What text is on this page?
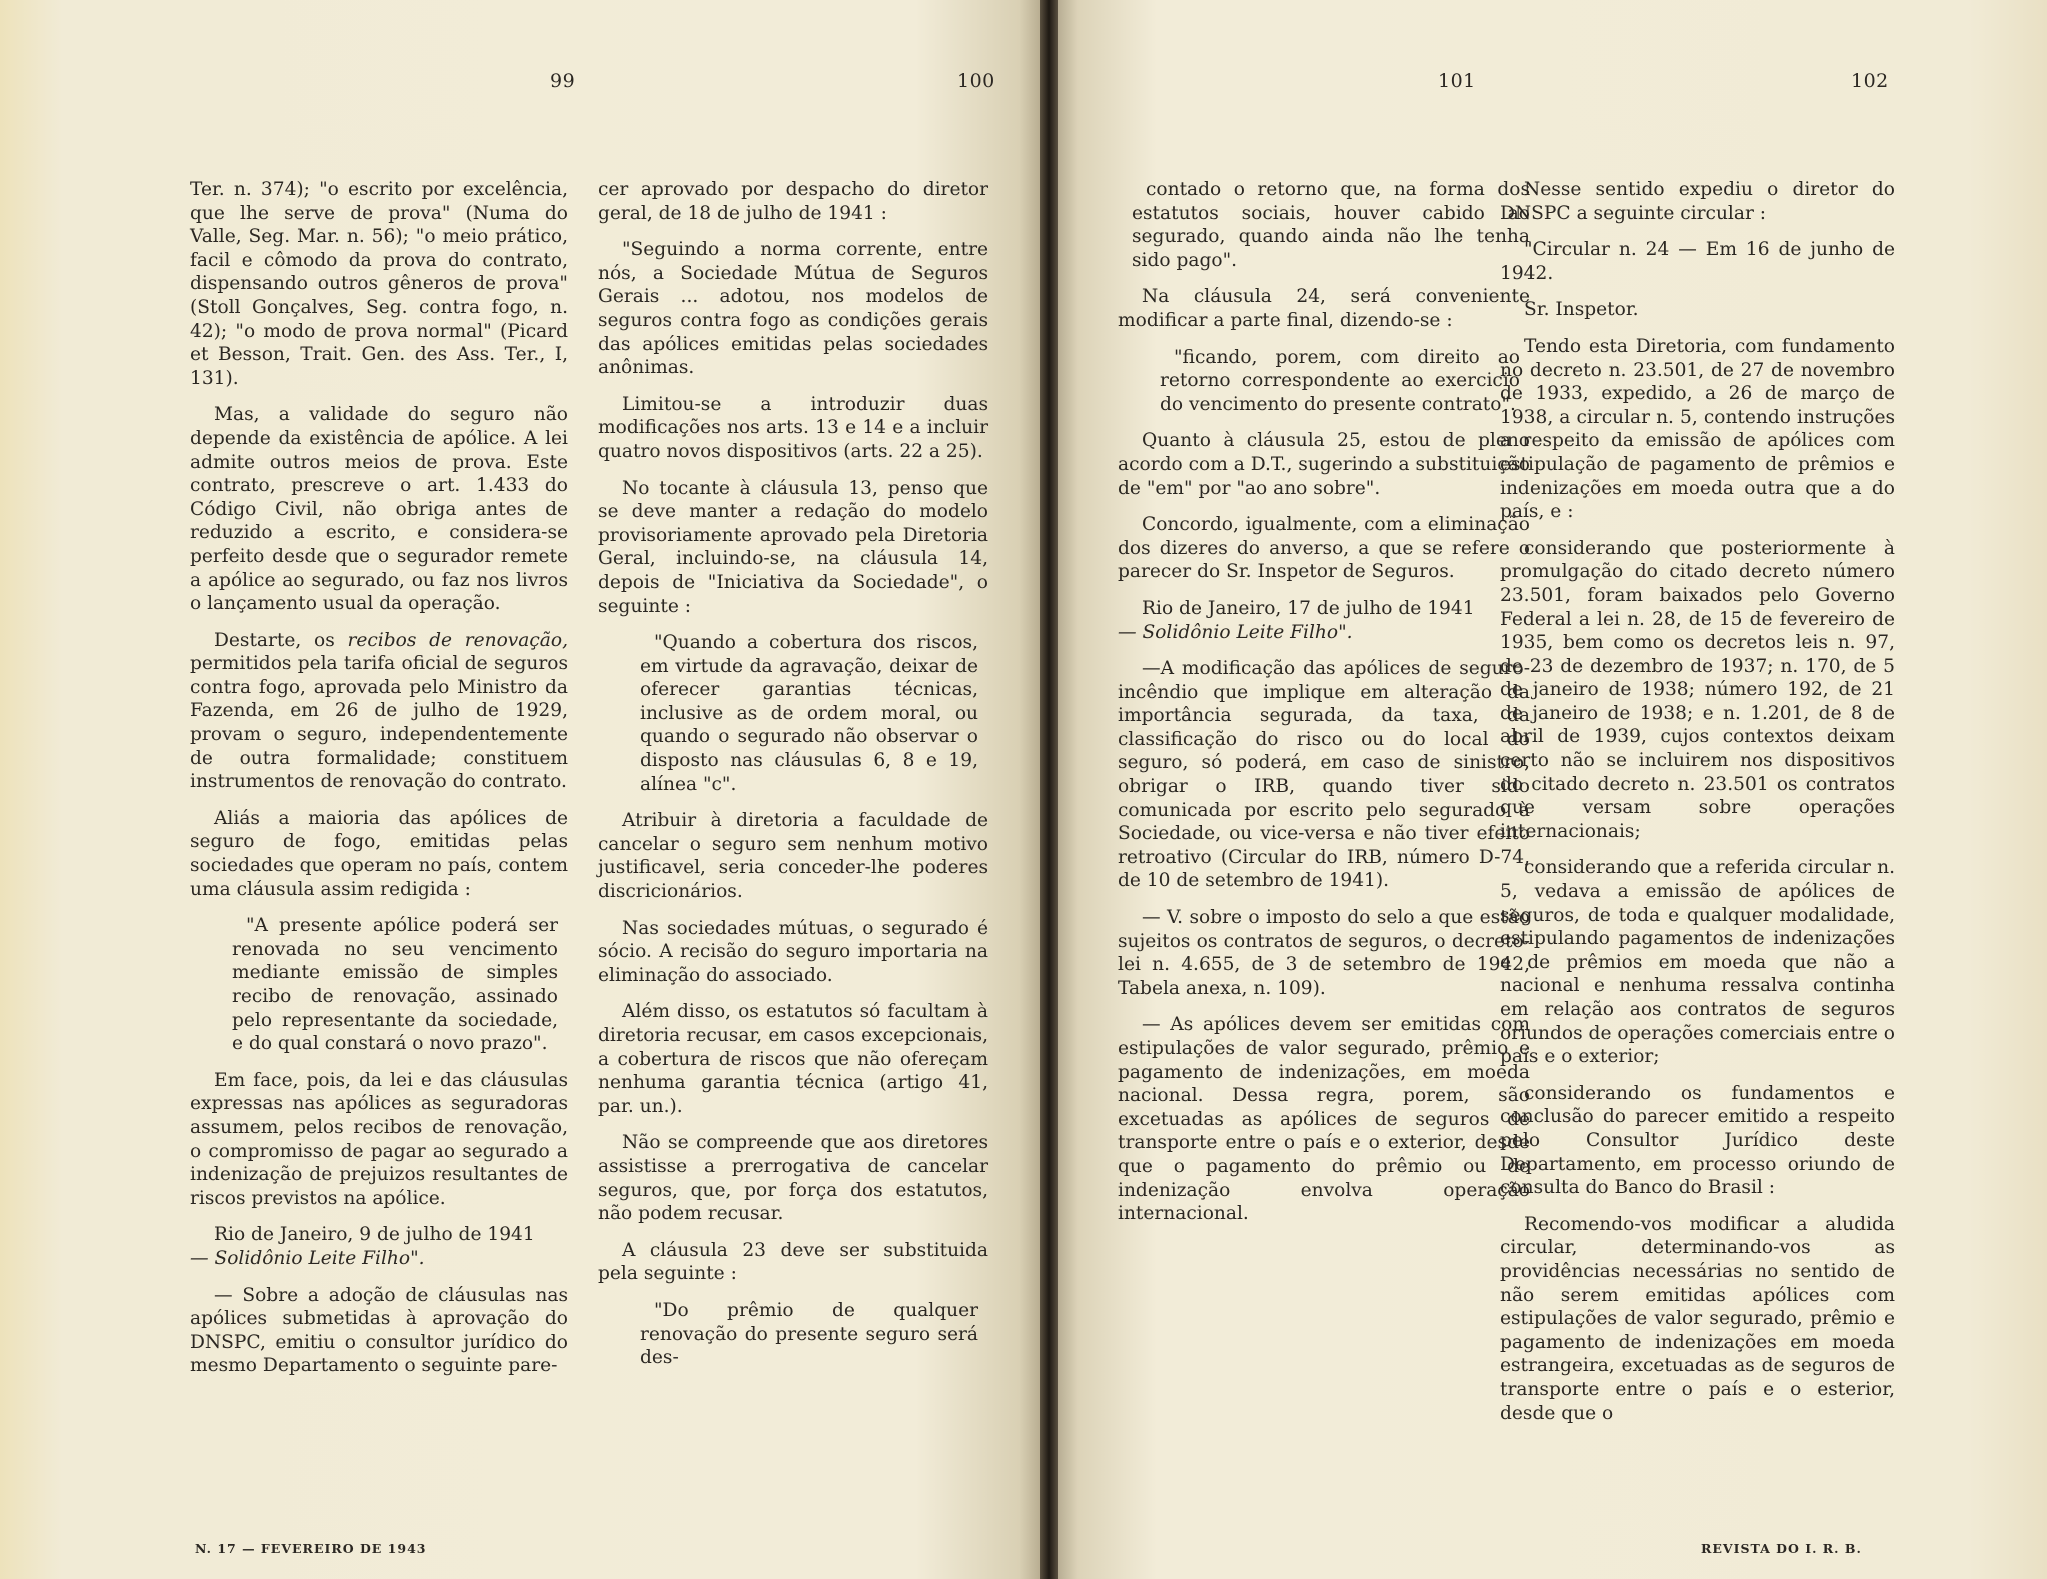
99	100

Ter. n. 374); "o escrito por excelência, que lhe serve de prova" (Numa do Valle, Seg. Mar. n. 56); "o meio prático, facil e cômodo da prova do contrato, dispensando outros gêneros de prova" (Stoll Gonçalves, Seg. contra fogo, n. 42); "o modo de prova normal" (Picard et Besson, Trait. Gen. des Ass. Ter., I, 131).

Mas, a validade do seguro não depende da existência de apólice. A lei admite outros meios de prova. Este contrato, prescreve o art. 1.433 do Código Civil, não obriga antes de reduzido a escrito, e considera-se perfeito desde que o segurador remete a apólice ao segurado, ou faz nos livros o lançamento usual da operação.

Destarte, os recibos de renovação, permitidos pela tarifa oficial de seguros contra fogo, aprovada pelo Ministro da Fazenda, em 26 de julho de 1929, provam o seguro, independentemente de outra formalidade; constituem instrumentos de renovação do contrato.

Aliás a maioria das apólices de seguro de fogo, emitidas pelas sociedades que operam no país, contem uma cláusula assim redigida :

"A presente apólice poderá ser renovada no seu vencimento mediante emissão de simples recibo de renovação, assinado pelo representante da sociedade, e do qual constará o novo prazo".

Em face, pois, da lei e das cláusulas expressas nas apólices as seguradoras assumem, pelos recibos de renovação, o compromisso de pagar ao segurado a indenização de prejuizos resultantes de riscos previstos na apólice.

Rio de Janeiro, 9 de julho de 1941
— Solidônio Leite Filho".

— Sobre a adoção de cláusulas nas apólices submetidas à aprovação do DNSPC, emitiu o consultor jurídico do mesmo Departamento o seguinte pare-

cer aprovado por despacho do diretor geral, de 18 de julho de 1941 :

"Seguindo a norma corrente, entre nós, a Sociedade Mútua de Seguros Gerais ... adotou, nos modelos de seguros contra fogo as condições gerais das apólices emitidas pelas sociedades anônimas.

Limitou-se a introduzir duas modificações nos arts. 13 e 14 e a incluir quatro novos dispositivos (arts. 22 a 25).

No tocante à cláusula 13, penso que se deve manter a redação do modelo provisoriamente aprovado pela Diretoria Geral, incluindo-se, na cláusula 14, depois de "Iniciativa da Sociedade", o seguinte :

"Quando a cobertura dos riscos, em virtude da agravação, deixar de oferecer garantias técnicas, inclusive as de ordem moral, ou quando o segurado não observar o disposto nas cláusulas 6, 8 e 19, alínea "c".

Atribuir à diretoria a faculdade de cancelar o seguro sem nenhum motivo justificavel, seria conceder-lhe poderes discricionários.

Nas sociedades mútuas, o segurado é sócio. A recisão do seguro importaria na eliminação do associado.

Além disso, os estatutos só facultam à diretoria recusar, em casos excepcionais, a cobertura de riscos que não ofereçam nenhuma garantia técnica (artigo 41, par. un.).

Não se compreende que aos diretores assistisse a prerrogativa de cancelar seguros, que, por força dos estatutos, não podem recusar.

A cláusula 23 deve ser substituida pela seguinte :

"Do prêmio de qualquer renovação do presente seguro será des-
N. 17 — FEVEREIRO DE 1943
101	102
contado o retorno que, na forma dos estatutos sociais, houver cabido ao segurado, quando ainda não lhe tenha sido pago".

Na cláusula 24, será conveniente modificar a parte final, dizendo-se :

"ficando, porem, com direito ao retorno correspondente ao exercicio do vencimento do presente contrato".

Quanto à cláusula 25, estou de pleno acordo com a D.T., sugerindo a substituição de "em" por "ao ano sobre".

Concordo, igualmente, com a eliminação dos dizeres do anverso, a que se refere o parecer do Sr. Inspetor de Seguros.

Rio de Janeiro, 17 de julho de 1941
— Solidônio Leite Filho".

—A modificação das apólices de seguro-incêndio que implique em alteração da importância segurada, da taxa, da classificação do risco ou do local do seguro, só poderá, em caso de sinistro, obrigar o IRB, quando tiver sido comunicada por escrito pelo segurado à Sociedade, ou vice-versa e não tiver efeito retroativo (Circular do IRB, número D-74, de 10 de setembro de 1941).

— V. sobre o imposto do selo a que estão sujeitos os contratos de seguros, o decreto-lei n. 4.655, de 3 de setembro de 1942, Tabela anexa, n. 109).

— As apólices devem ser emitidas com estipulações de valor segurado, prêmio e pagamento de indenizações, em moeda nacional. Dessa regra, porem, são excetuadas as apólices de seguros de transporte entre o país e o exterior, desde que o pagamento do prêmio ou de indenização envolva operação internacional.

Nesse sentido expediu o diretor do DNSPC a seguinte circular :

"Circular n. 24 — Em 16 de junho de 1942.

Sr. Inspetor.

Tendo esta Diretoria, com fundamento no decreto n. 23.501, de 27 de novembro de 1933, expedido, a 26 de março de 1938, a circular n. 5, contendo instruções a respeito da emissão de apólices com estipulação de pagamento de prêmios e indenizações em moeda outra que a do país, e :

considerando que posteriormente à promulgação do citado decreto número 23.501, foram baixados pelo Governo Federal a lei n. 28, de 15 de fevereiro de 1935, bem como os decretos leis n. 97, de 23 de dezembro de 1937; n. 170, de 5 de janeiro de 1938; número 192, de 21 de janeiro de 1938; e n. 1.201, de 8 de abril de 1939, cujos contextos deixam certo não se incluirem nos dispositivos do citado decreto n. 23.501 os contratos que versam sobre operações internacionais;

considerando que a referida circular n. 5, vedava a emissão de apólices de seguros, de toda e qualquer modalidade, estipulando pagamentos de indenizações e de prêmios em moeda que não a nacional e nenhuma ressalva continha em relação aos contratos de seguros oriundos de operações comerciais entre o país e o exterior;

considerando os fundamentos e conclusão do parecer emitido a respeito pelo Consultor Jurídico deste Departamento, em processo oriundo de consulta do Banco do Brasil :

Recomendo-vos modificar a aludida circular, determinando-vos as providências necessárias no sentido de não serem emitidas apólices com estipulações de valor segurado, prêmio e pagamento de indenizações em moeda estrangeira, excetuadas as de seguros de transporte entre o país e o esterior, desde que o

REVISTA DO I. R. B.
